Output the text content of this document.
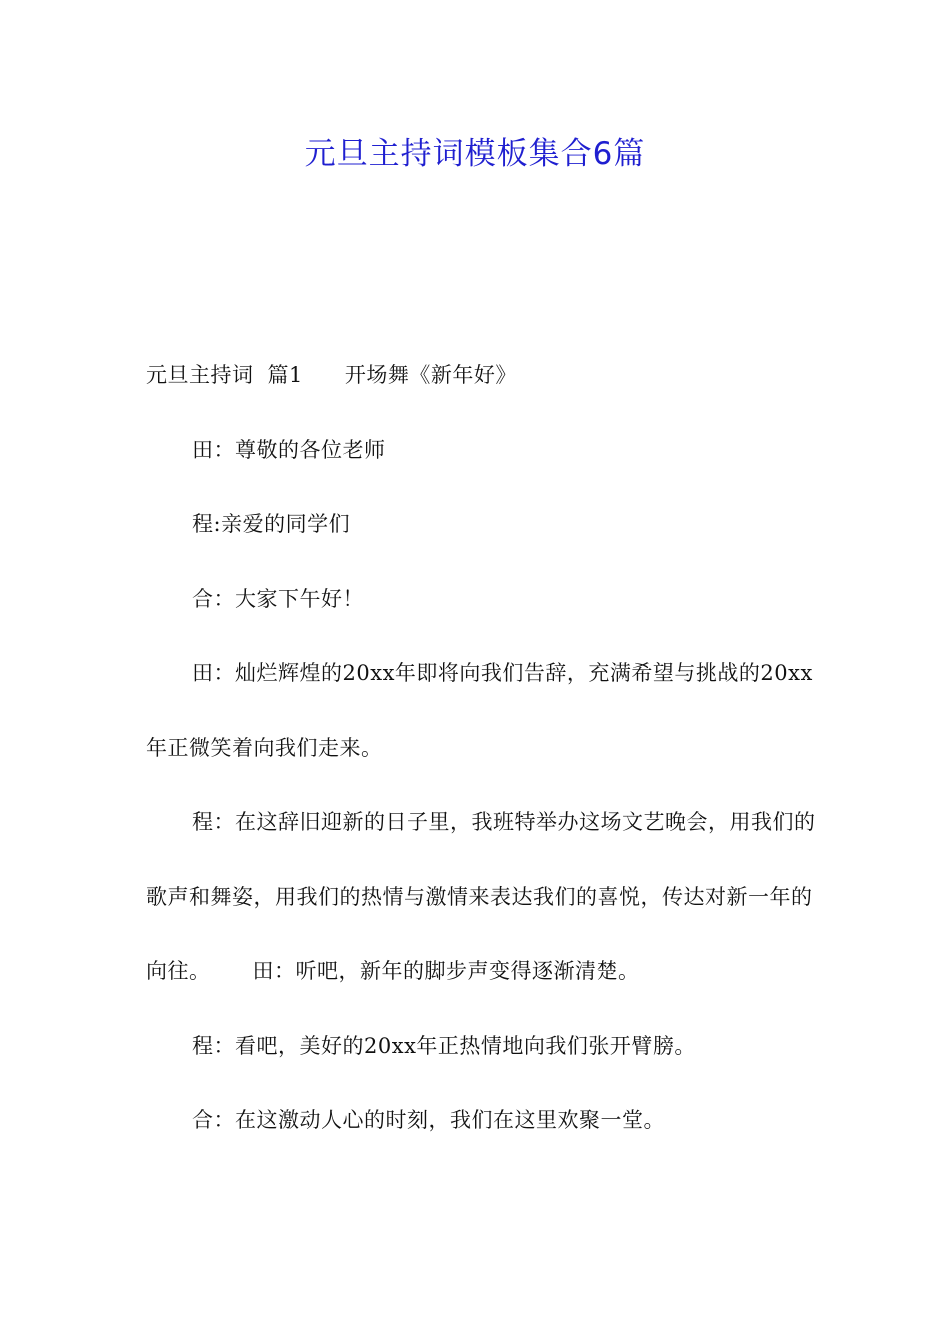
元旦主持词模板集合6篇

元旦主持词 篇1 开场舞《新年好》

田：尊敬的各位老师

程:亲爱的同学们

合：大家下午好！

田：灿烂辉煌的20xx年即将向我们告辞，充满希望与挑战的20xx年正微笑着向我们走来。

程：在这辞旧迎新的日子里，我班特举办这场文艺晚会，用我们的歌声和舞姿，用我们的热情与激情来表达我们的喜悦，传达对新一年的向往。 田：听吧，新年的脚步声变得逐渐清楚。

程：看吧，美好的20xx年正热情地向我们张开臂膀。

合：在这激动人心的时刻，我们在这里欢聚一堂。
